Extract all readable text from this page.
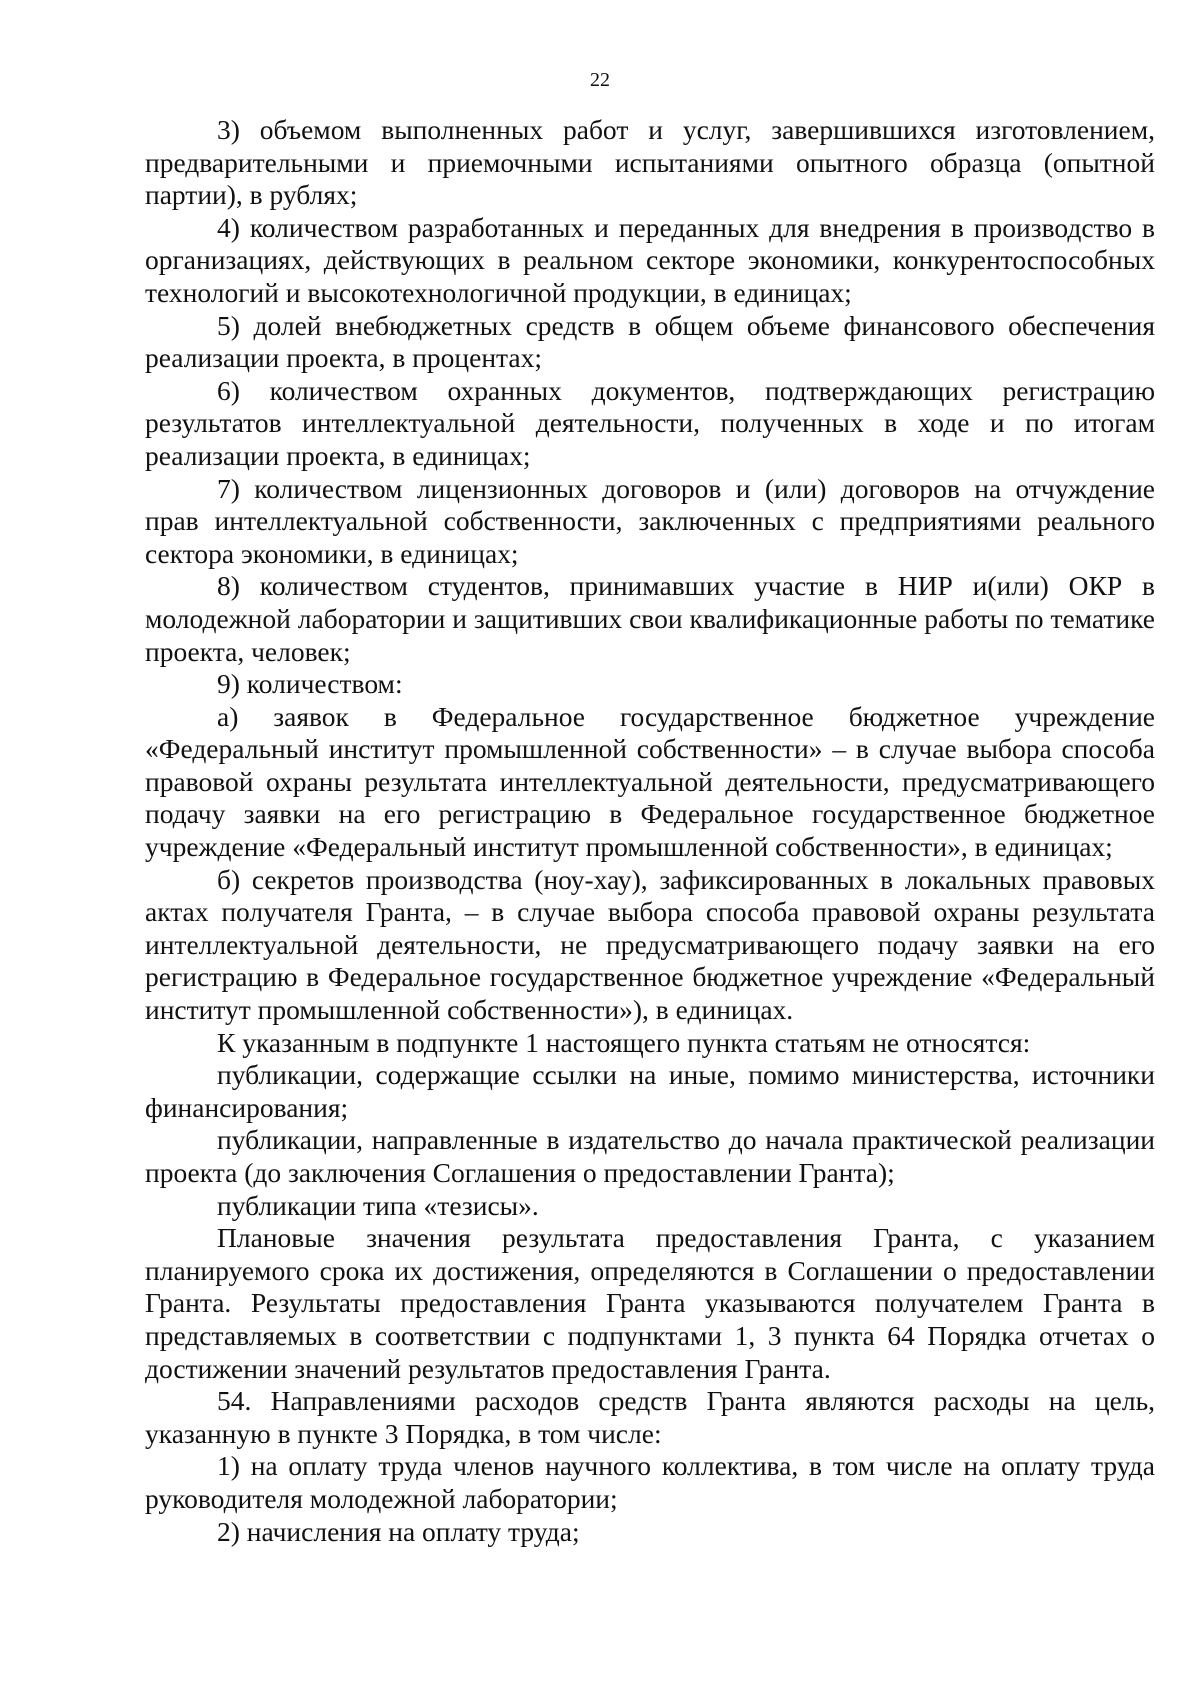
22

3) объемом выполненных работ и услуг, завершившихся изготовлением, предварительными и приемочными испытаниями опытного образца (опытной партии), в рублях;

4) количеством разработанных и переданных для внедрения в производство в организациях, действующих в реальном секторе экономики, конкурентоспособных технологий и высокотехнологичной продукции, в единицах;

5) долей внебюджетных средств в общем объеме финансового обеспечения реализации проекта, в процентах;

6) количеством охранных документов, подтверждающих регистрацию результатов интеллектуальной деятельности, полученных в ходе и по итогам реализации проекта, в единицах;

7) количеством лицензионных договоров и (или) договоров на отчуждение прав интеллектуальной собственности, заключенных с предприятиями реального сектора экономики, в единицах;

8) количеством студентов, принимавших участие в НИР и(или) ОКР в молодежной лаборатории и защитивших свои квалификационные работы по тематике проекта, человек;

9) количеством:

а) заявок в Федеральное государственное бюджетное учреждение «Федеральный институт промышленной собственности» – в случае выбора способа правовой охраны результата интеллектуальной деятельности, предусматривающего подачу заявки на его регистрацию в Федеральное государственное бюджетное учреждение «Федеральный институт промышленной собственности», в единицах;

б) секретов производства (ноу-хау), зафиксированных в локальных правовых актах получателя Гранта, – в случае выбора способа правовой охраны результата интеллектуальной деятельности, не предусматривающего подачу заявки на его регистрацию в Федеральное государственное бюджетное учреждение «Федеральный институт промышленной собственности»), в единицах.

К указанным в подпункте 1 настоящего пункта статьям не относятся:

публикации, содержащие ссылки на иные, помимо министерства, источники финансирования;

публикации, направленные в издательство до начала практической реализации проекта (до заключения Соглашения о предоставлении Гранта);

публикации типа «тезисы».

Плановые значения результата предоставления Гранта, с указанием планируемого срока их достижения, определяются в Соглашении о предоставлении Гранта. Результаты предоставления Гранта указываются получателем Гранта в представляемых в соответствии с подпунктами 1, 3 пункта 64 Порядка отчетах о достижении значений результатов предоставления Гранта.

54. Направлениями расходов средств Гранта являются расходы на цель, указанную в пункте 3 Порядка, в том числе:

1) на оплату труда членов научного коллектива, в том числе на оплату труда руководителя молодежной лаборатории;

2) начисления на оплату труда;
